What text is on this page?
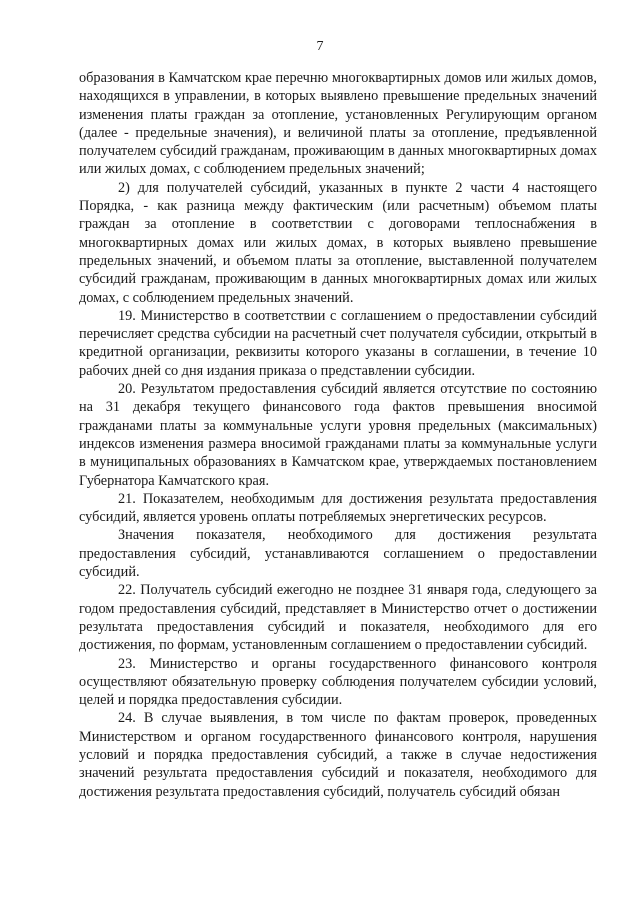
7

образования в Камчатском крае перечню многоквартирных домов или жилых домов, находящихся в управлении, в которых выявлено превышение предельных значений изменения платы граждан за отопление, установленных Регулирующим органом (далее - предельные значения), и величиной платы за отопление, предъявленной получателем субсидий гражданам, проживающим в данных многоквартирных домах или жилых домах, с соблюдением предельных значений;

2) для получателей субсидий, указанных в пункте 2 части 4 настоящего Порядка, - как разница между фактическим (или расчетным) объемом платы граждан за отопление в соответствии с договорами теплоснабжения в многоквартирных домах или жилых домах, в которых выявлено превышение предельных значений, и объемом платы за отопление, выставленной получателем субсидий гражданам, проживающим в данных многоквартирных домах или жилых домах, с соблюдением предельных значений.

19. Министерство в соответствии с соглашением о предоставлении субсидий перечисляет средства субсидии на расчетный счет получателя субсидии, открытый в кредитной организации, реквизиты которого указаны в соглашении, в течение 10 рабочих дней со дня издания приказа о представлении субсидии.

20. Результатом предоставления субсидий является отсутствие по состоянию на 31 декабря текущего финансового года фактов превышения вносимой гражданами платы за коммунальные услуги уровня предельных (максимальных) индексов изменения размера вносимой гражданами платы за коммунальные услуги в муниципальных образованиях в Камчатском крае, утверждаемых постановлением Губернатора Камчатского края.

21. Показателем, необходимым для достижения результата предоставления субсидий, является уровень оплаты потребляемых энергетических ресурсов.

Значения показателя, необходимого для достижения результата предоставления субсидий, устанавливаются соглашением о предоставлении субсидий.

22. Получатель субсидий ежегодно не позднее 31 января года, следующего за годом предоставления субсидий, представляет в Министерство отчет о достижении результата предоставления субсидий и показателя, необходимого для его достижения, по формам, установленным соглашением о предоставлении субсидий.

23. Министерство и органы государственного финансового контроля осуществляют обязательную проверку соблюдения получателем субсидии условий, целей и порядка предоставления субсидии.

24. В случае выявления, в том числе по фактам проверок, проведенных Министерством и органом государственного финансового контроля, нарушения условий и порядка предоставления субсидий, а также в случае недостижения значений результата предоставления субсидий и показателя, необходимого для достижения результата предоставления субсидий, получатель субсидий обязан
